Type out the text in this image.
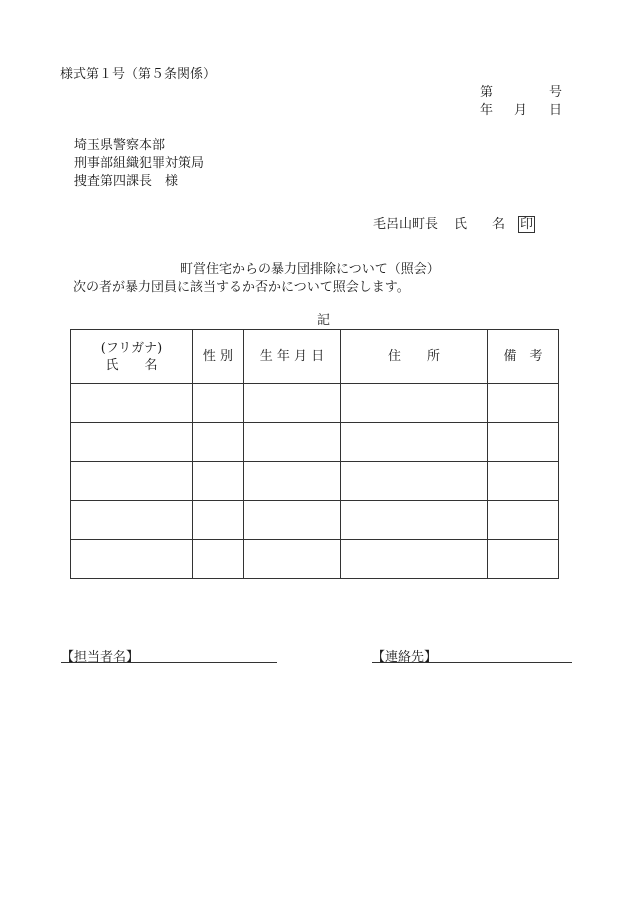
様式第１号（第５条関係）
第	号
年 月 日
埼玉県警察本部
刑事部組織犯罪対策局
捜査第四課長　様
毛呂山町長 氏 名 印
町営住宅からの暴力団排除について（照会）
次の者が暴力団員に該当するか否かについて照会します。
記
(フリガナ)
氏　　名	性 別	生 年 月 日	住　　所	備　考

【担当者名】	【連絡先】
